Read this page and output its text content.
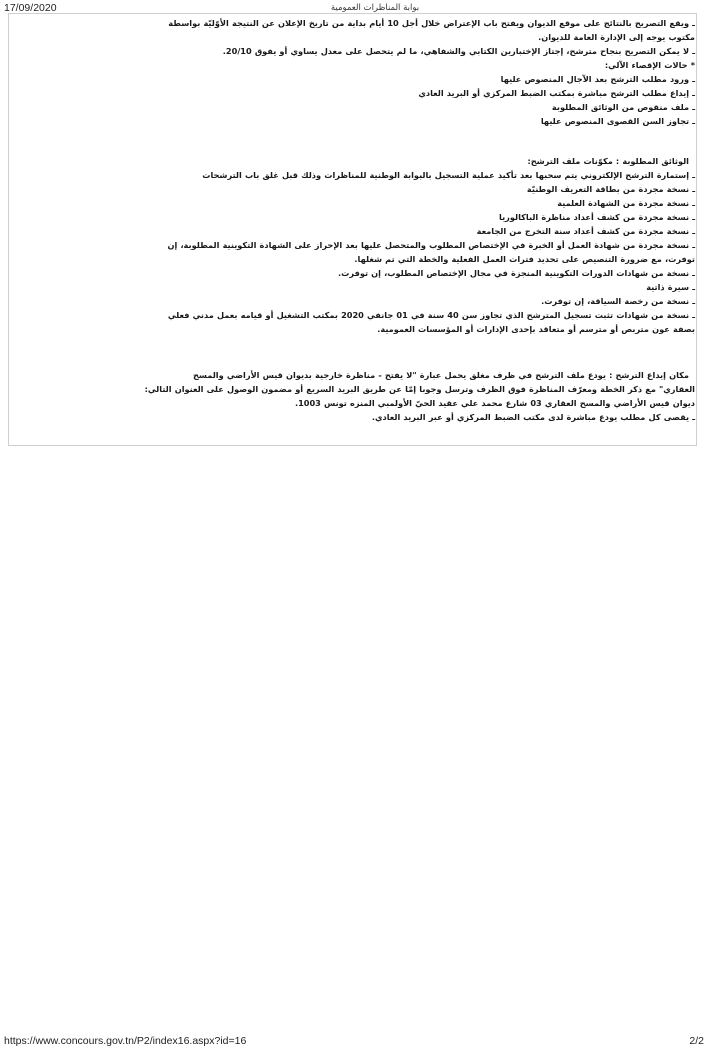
17/09/2020	بوابة المناظرات العمومية

ـ ويقع التصريح بالنتائج على موقع الديوان ويفتح باب الإعتراض خلال أجل 10 أيام بداية من تاريخ الإعلان عن النتيجة الأوّليّة بواسطة

مكتوب يوجه إلى الإدارة العامة للديوان.

ـ لا يمكن التصريح بنجاح مترشح، إجتاز الإختبارين الكتابي والشفاهي، ما لم يتحصل على معدل يساوي أو يفوق 20/10.

* حالات الإقصاء الآلي:

ـ ورود مطلب الترشح بعد الآجال المنصوص عليها

ـ إيداع مطلب الترشح مباشرة بمكتب الضبط المركزي أو البريد العادي

ـ ملف منقوص من الوثائق المطلوبة

ـ تجاوز السن القصوى المنصوص عليها

الوثائق المطلوبة : مكوّنات ملف الترشح:

ـ إستمارة الترشح الإلكتروني يتم سحبها بعد تأكيد عملية التسجيل بالبوابة الوطنية للمناظرات وذلك قبل غلق باب الترشحات

ـ نسخة مجردة من بطاقة التعريف الوطنيّة

ـ نسخة مجردة من الشهادة العلمية

ـ نسخة مجردة من كشف أعداد مناظرة الباكالوريا

ـ نسخة مجردة من كشف أعداد سنة التخرج من الجامعة

ـ نسخة مجردة من شهادة العمل أو الخبرة في الإختصاص المطلوب والمتحصل عليها بعد الإحراز على الشهادة التكوينية المطلوبة، إن

توفرت، مع ضرورة التنصيص على تحديد فترات العمل الفعلية والخطة التي تم شغلها.

ـ نسخة من شهادات الدورات التكوينية المنجزة في مجال الإختصاص المطلوب، إن توفرت.

ـ سيرة ذاتية

ـ نسخة من رخصة السياقة، إن توفرت.

ـ نسخة من شهادات تثبت تسجيل المترشح الذي تجاوز سن 40 سنة في 01 جانفي 2020 بمكتب التشغيل أو قيامه بعمل مدني فعلي

بصفة عون متربص أو مترسم أو متعاقد بإحدى الإدارات أو المؤسسات العمومية.

مكان إيداع الترشح : يودع ملف الترشح في ظرف مغلق يحمل عبارة "لا يفتح - مناظرة خارجية بديوان قيس الأراضي والمسح

العقاري" مع ذكر الخطة ومعرّف المناظرة فوق الظرف وترسل وجوبا إمّا عن طريق البريد السريع أو مضمون الوصول على العنوان التالي:

ديوان قيس الأراضي والمسح العقاري 03 شارع محمد علي عقيد الحيّ الأولمبي المنزه تونس 1003.

ـ يقصى كل مطلب يودع مباشرة لدى مكتب الضبط المركزي أو عبر البريد العادي.

https://www.concours.gov.tn/P2/index16.aspx?id=16	2/2
